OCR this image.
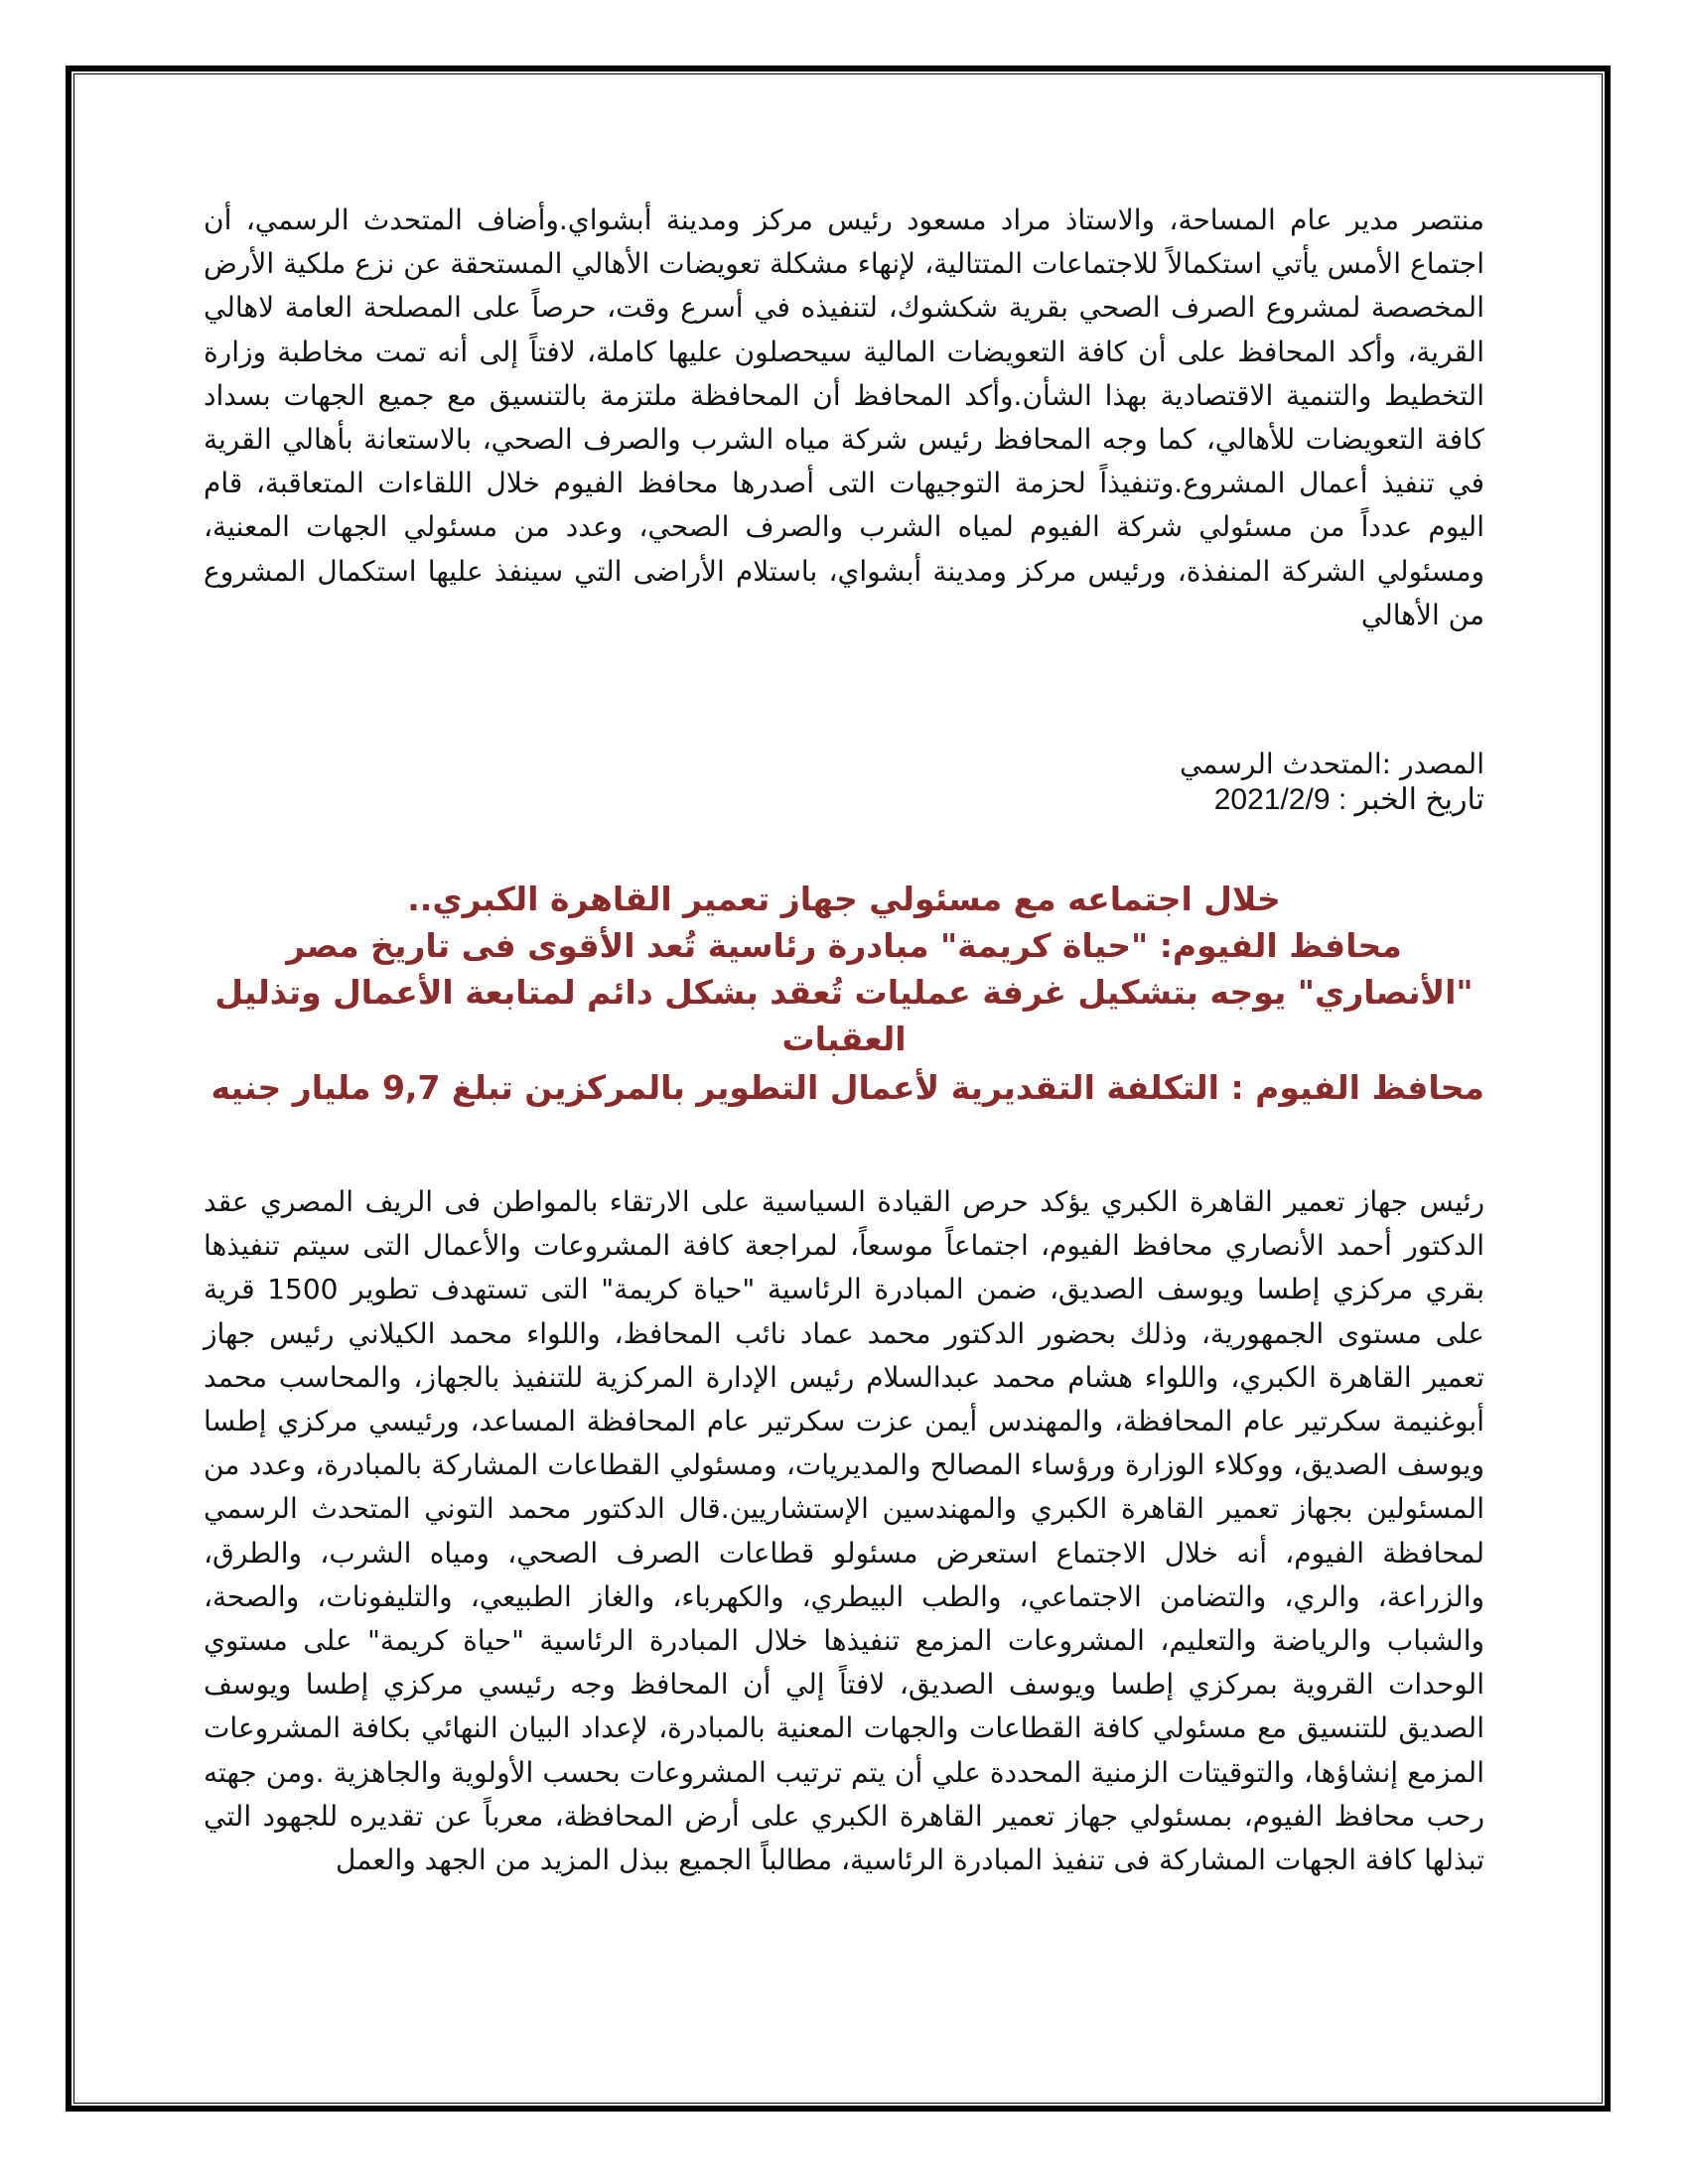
منتصر مدير عام المساحة، والاستاذ مراد مسعود رئيس مركز ومدينة أبشواي.وأضاف المتحدث الرسمي، أن اجتماع الأمس يأتي استكمالاً للاجتماعات المتتالية، لإنهاء مشكلة تعويضات الأهالي المستحقة عن نزع ملكية الأرض المخصصة لمشروع الصرف الصحي بقرية شكشوك، لتنفيذه في أسرع وقت، حرصاً على المصلحة العامة لاهالي القرية، وأكد المحافظ على أن كافة التعويضات المالية سيحصلون عليها كاملة، لافتاً إلى أنه تمت مخاطبة وزارة التخطيط والتنمية الاقتصادية بهذا الشأن.وأكد المحافظ أن المحافظة ملتزمة بالتنسيق مع جميع الجهات بسداد كافة التعويضات للأهالي، كما وجه المحافظ رئيس شركة مياه الشرب والصرف الصحي، بالاستعانة بأهالي القرية في تنفيذ أعمال المشروع.وتنفيذاً لحزمة التوجيهات التى أصدرها محافظ الفيوم خلال اللقاءات المتعاقبة، قام اليوم عدداً من مسئولي شركة الفيوم لمياه الشرب والصرف الصحي، وعدد من مسئولي الجهات المعنية، ومسئولي الشركة المنفذة، ورئيس مركز ومدينة أبشواي، باستلام الأراضى التي سينفذ عليها استكمال المشروع من الأهالي

المصدر :المتحدث الرسمي
تاريخ الخبر : 2021/2/9
خلال اجتماعه مع مسئولي جهاز تعمير القاهرة الكبري..
محافظ الفيوم: "حياة كريمة" مبادرة رئاسية تُعد الأقوى فى تاريخ مصر
"الأنصاري" يوجه بتشكيل غرفة عمليات تُعقد بشكل دائم لمتابعة الأعمال وتذليل العقبات
محافظ الفيوم : التكلفة التقديرية لأعمال التطوير بالمركزين تبلغ 9,7 مليار جنيه

رئيس جهاز تعمير القاهرة الكبري يؤكد حرص القيادة السياسية على الارتقاء بالمواطن فى الريف المصري عقد الدكتور أحمد الأنصاري محافظ الفيوم، اجتماعاً موسعاً، لمراجعة كافة المشروعات والأعمال التى سيتم تنفيذها بقري مركزي إطسا ويوسف الصديق، ضمن المبادرة الرئاسية "حياة كريمة" التى تستهدف تطوير 1500 قرية على مستوى الجمهورية، وذلك بحضور الدكتور محمد عماد نائب المحافظ، واللواء محمد الكيلاني رئيس جهاز تعمير القاهرة الكبري، واللواء هشام محمد عبدالسلام رئيس الإدارة المركزية للتنفيذ بالجهاز، والمحاسب محمد أبوغنيمة سكرتير عام المحافظة، والمهندس أيمن عزت سكرتير عام المحافظة المساعد، ورئيسي مركزي إطسا ويوسف الصديق، ووكلاء الوزارة ورؤساء المصالح والمديريات، ومسئولي القطاعات المشاركة بالمبادرة، وعدد من المسئولين بجهاز تعمير القاهرة الكبري والمهندسين الإستشاريين.قال الدكتور محمد التوني المتحدث الرسمي لمحافظة الفيوم، أنه خلال الاجتماع استعرض مسئولو قطاعات الصرف الصحي، ومياه الشرب، والطرق، والزراعة، والري، والتضامن الاجتماعي، والطب البيطري، والكهرباء، والغاز الطبيعي، والتليفونات، والصحة، والشباب والرياضة والتعليم، المشروعات المزمع تنفيذها خلال المبادرة الرئاسية "حياة كريمة" على مستوي الوحدات القروية بمركزي إطسا ويوسف الصديق، لافتاً إلي أن المحافظ وجه رئيسي مركزي إطسا ويوسف الصديق للتنسيق مع مسئولي كافة القطاعات والجهات المعنية بالمبادرة، لإعداد البيان النهائي بكافة المشروعات المزمع إنشاؤها، والتوقيتات الزمنية المحددة علي أن يتم ترتيب المشروعات بحسب الأولوية والجاهزية .ومن جهته رحب محافظ الفيوم، بمسئولي جهاز تعمير القاهرة الكبري على أرض المحافظة، معرباً عن تقديره للجهود التي تبذلها كافة الجهات المشاركة فى تنفيذ المبادرة الرئاسية، مطالباً الجميع ببذل المزيد من الجهد والعمل
